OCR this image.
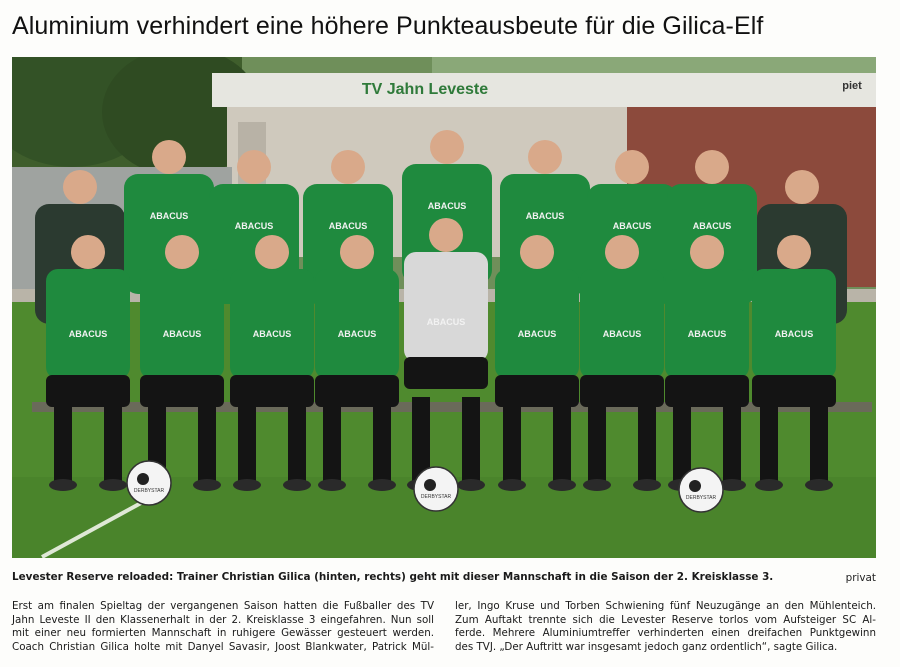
Aluminium verhindert eine höhere Punkteausbeute für die Gilica-Elf
TV Jahn Leveste	piet
ABACUS
ABACUS	ABACUS
ABACUS
ABACUS
ABACUS	ABACUS
ABACUS	ABACUS	ABACUS	ABACUS
ABACUS
ABACUS	ABACUS	ABACUS	ABACUS
DERBYSTAR
DERBYSTAR	DERBYSTAR

Levester Reserve reloaded: Trainer Christian Gilica (hinten, rechts) geht mit dieser Mannschaft in die Saison der 2. Kreisklasse 3.	privat
Erst am finalen Spieltag der vergangenen Saison hatten die Fußballer des TV
Jahn Leveste II den Klassenerhalt in der 2. Kreisklasse 3 eingefahren. Nun soll
mit einer neu formierten Mannschaft in ruhigere Gewässer gesteuert werden.
Coach Christian Gilica holte mit Danyel Savasir, Joost Blankwater, Patrick Mül-
ler, Ingo Kruse und Torben Schwiening fünf Neuzugänge an den Mühlenteich.
Zum Auftakt trennte sich die Levester Reserve torlos vom Aufsteiger SC Al-
ferde. Mehrere Aluminiumtreffer verhinderten einen dreifachen Punktgewinn
des TVJ. „Der Auftritt war insgesamt jedoch ganz ordentlich“, sagte Gilica.
